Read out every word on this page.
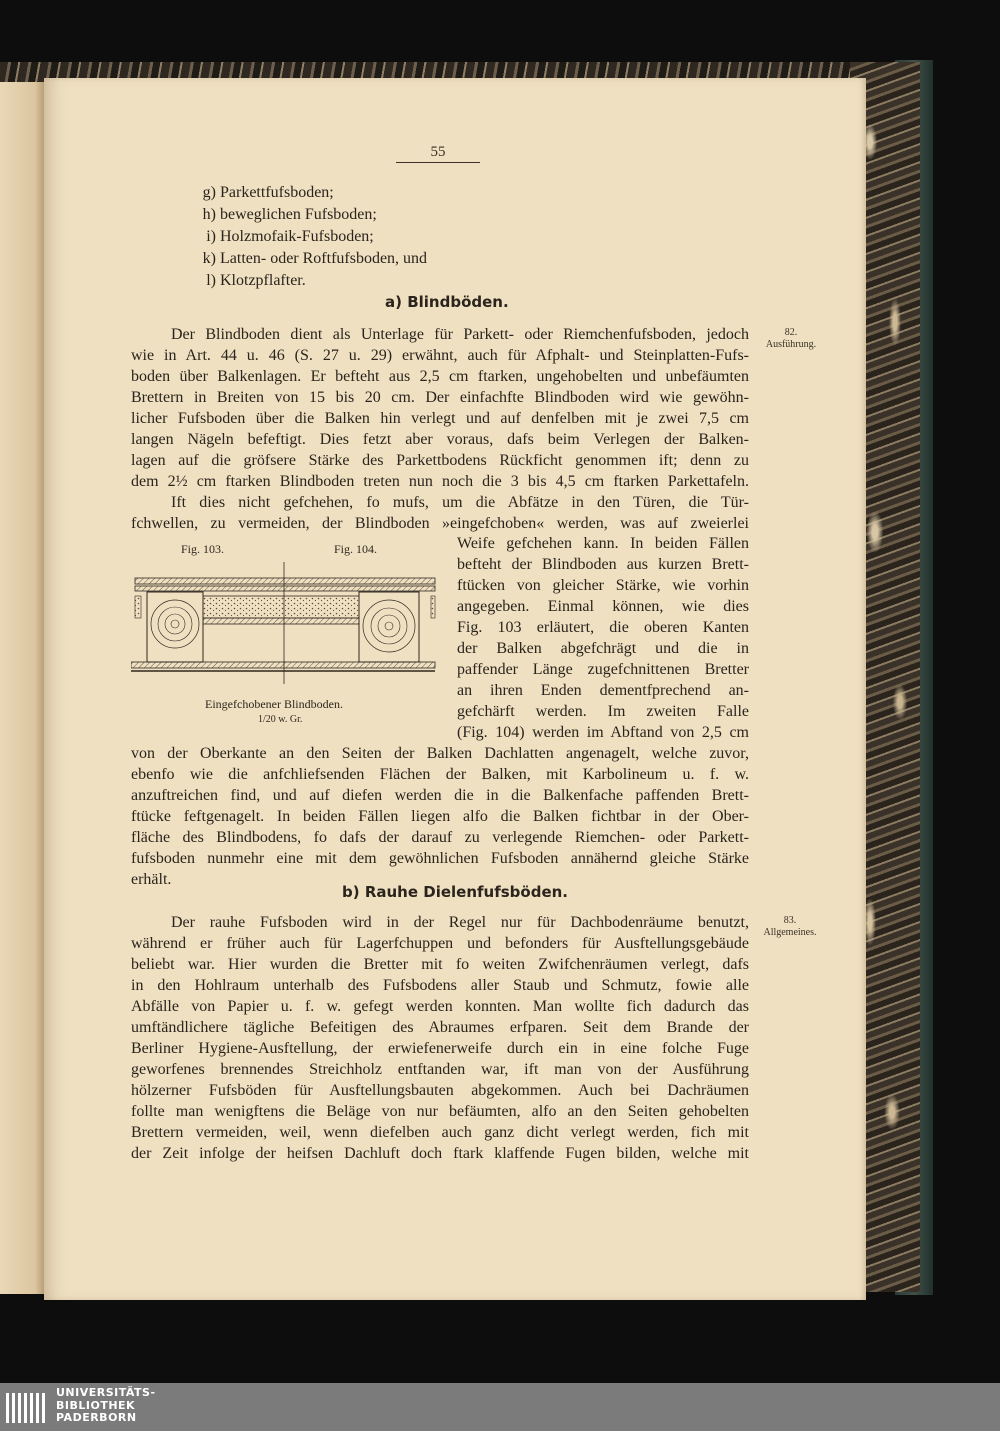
55
g) Parkettfufsboden;
h) beweglichen Fufsboden;
i) Holzmofaik-Fufsboden;
k) Latten- oder Roftfufsboden, und
l) Klotzpflafter.
a) Blindböden.
82.
Ausführung.
Der Blindboden dient als Unterlage für Parkett- oder Riemchenfufsboden, jedoch
wie in Art. 44 u. 46 (S. 27 u. 29) erwähnt, auch für Afphalt- und Steinplatten-Fufs-
boden über Balkenlagen. Er befteht aus 2,5 cm ftarken, ungehobelten und unbefäumten
Brettern in Breiten von 15 bis 20 cm. Der einfachfte Blindboden wird wie gewöhn-
licher Fufsboden über die Balken hin verlegt und auf denfelben mit je zwei 7,5 cm
langen Nägeln befeftigt. Dies fetzt aber voraus, dafs beim Verlegen der Balken-
lagen auf die gröfsere Stärke des Parkettbodens Rückficht genommen ift; denn zu
dem 2½ cm ftarken Blindboden treten nun noch die 3 bis 4,5 cm ftarken Parkettafeln.
Ift dies nicht gefchehen, fo mufs, um die Abfätze in den Türen, die Tür-
fchwellen, zu vermeiden, der Blindboden »eingefchoben« werden, was auf zweierlei
Weife gefchehen kann. In beiden Fällen
befteht der Blindboden aus kurzen Brett-
ftücken von gleicher Stärke, wie vorhin
angegeben. Einmal können, wie dies
Fig. 103 erläutert, die oberen Kanten
der Balken abgefchrägt und die in
paffender Länge zugefchnittenen Bretter
an ihren Enden dementfprechend an-
gefchärft werden. Im zweiten Falle
(Fig. 104) werden im Abftand von 2,5 cm
Fig. 103.	Fig. 104.
Eingefchobener Blindboden.
1/20 w. Gr.
von der Oberkante an den Seiten der Balken Dachlatten angenagelt, welche zuvor,
ebenfo wie die anfchliefsenden Flächen der Balken, mit Karbolineum u. f. w.
anzuftreichen find, und auf diefen werden die in die Balkenfache paffenden Brett-
ftücke feftgenagelt. In beiden Fällen liegen alfo die Balken fichtbar in der Ober-
fläche des Blindbodens, fo dafs der darauf zu verlegende Riemchen- oder Parkett-
fufsboden nunmehr eine mit dem gewöhnlichen Fufsboden annähernd gleiche Stärke
erhält.
b) Rauhe Dielenfufsböden.
83.
Allgemeines.
Der rauhe Fufsboden wird in der Regel nur für Dachbodenräume benutzt,
während er früher auch für Lagerfchuppen und befonders für Ausftellungsgebäude
beliebt war. Hier wurden die Bretter mit fo weiten Zwifchenräumen verlegt, dafs
in den Hohlraum unterhalb des Fufsbodens aller Staub und Schmutz, fowie alle
Abfälle von Papier u. f. w. gefegt werden konnten. Man wollte fich dadurch das
umftändlichere tägliche Befeitigen des Abraumes erfparen. Seit dem Brande der
Berliner Hygiene-Ausftellung, der erwiefenerweife durch ein in eine folche Fuge
geworfenes brennendes Streichholz entftanden war, ift man von der Ausführung
hölzerner Fufsböden für Ausftellungsbauten abgekommen. Auch bei Dachräumen
follte man wenigftens die Beläge von nur befäumten, alfo an den Seiten gehobelten
Brettern vermeiden, weil, wenn diefelben auch ganz dicht verlegt werden, fich mit
der Zeit infolge der heifsen Dachluft doch ftark klaffende Fugen bilden, welche mit
UNIVERSITÄTS-
BIBLIOTHEK
PADERBORN
